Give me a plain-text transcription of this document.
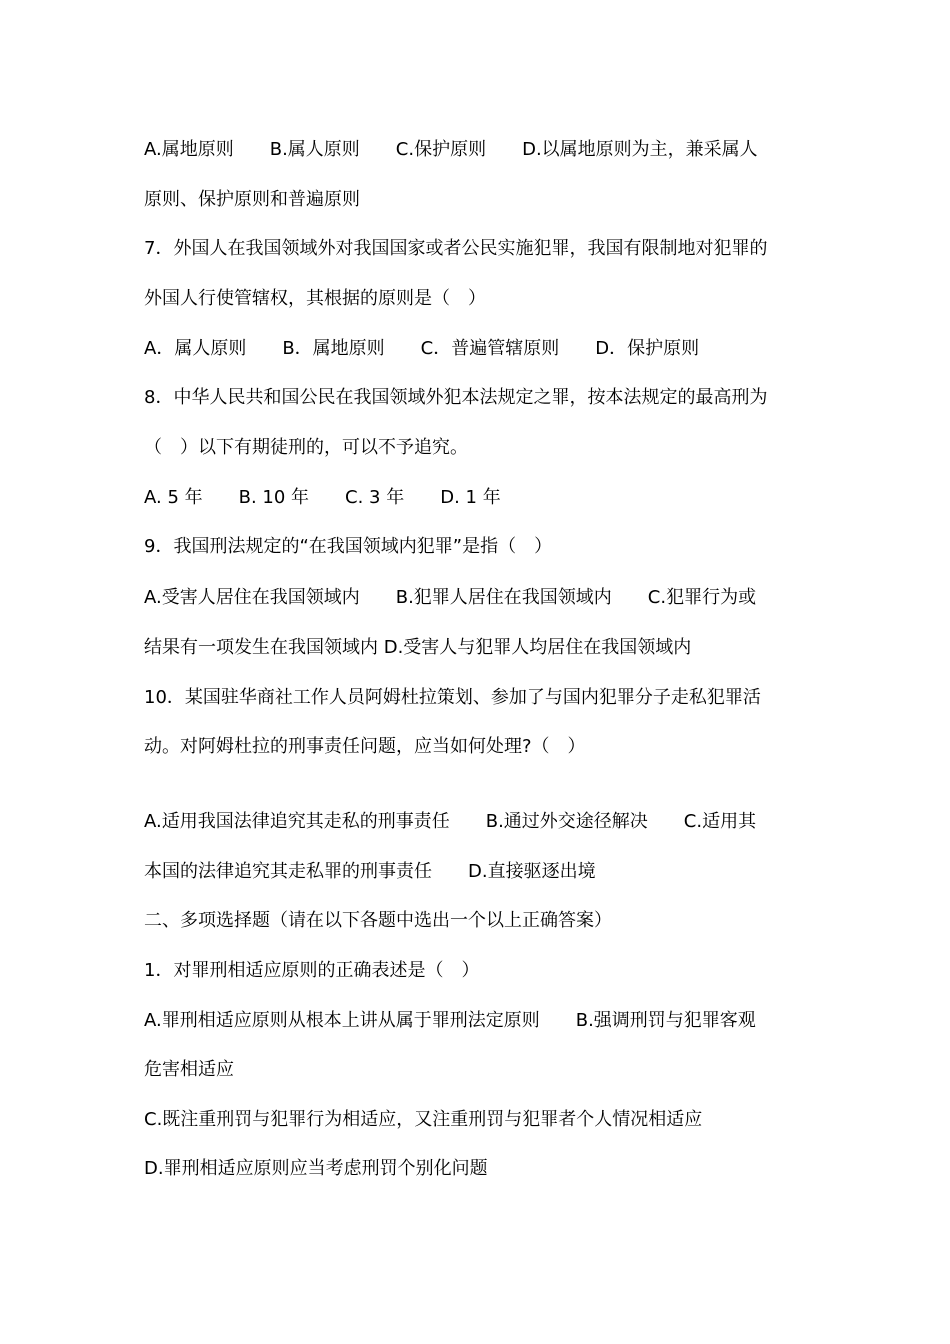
A.属地原则　　B.属人原则　　C.保护原则　　D.以属地原则为主，兼采属人
原则、保护原则和普遍原则
7．外国人在我国领域外对我国国家或者公民实施犯罪，我国有限制地对犯罪的
外国人行使管辖权，其根据的原则是（　）
A．属人原则　　B．属地原则　　C．普遍管辖原则　　D．保护原则
8．中华人民共和国公民在我国领域外犯本法规定之罪，按本法规定的最高刑为
（　）以下有期徒刑的，可以不予追究。
A. 5 年　　B. 10 年　　C. 3 年　　D. 1 年
9．我国刑法规定的“在我国领域内犯罪”是指（　）
A.受害人居住在我国领域内　　B.犯罪人居住在我国领域内　　C.犯罪行为或
结果有一项发生在我国领域内 D.受害人与犯罪人均居住在我国领域内
10．某国驻华商社工作人员阿姆杜拉策划、参加了与国内犯罪分子走私犯罪活
动。对阿姆杜拉的刑事责任问题，应当如何处理?（　）
A.适用我国法律追究其走私的刑事责任　　B.通过外交途径解决　　C.适用其
本国的法律追究其走私罪的刑事责任　　D.直接驱逐出境
二、多项选择题（请在以下各题中选出一个以上正确答案）
1．对罪刑相适应原则的正确表述是（　）
A.罪刑相适应原则从根本上讲从属于罪刑法定原则　　B.强调刑罚与犯罪客观
危害相适应
C.既注重刑罚与犯罪行为相适应，又注重刑罚与犯罪者个人情况相适应
D.罪刑相适应原则应当考虑刑罚个别化问题
